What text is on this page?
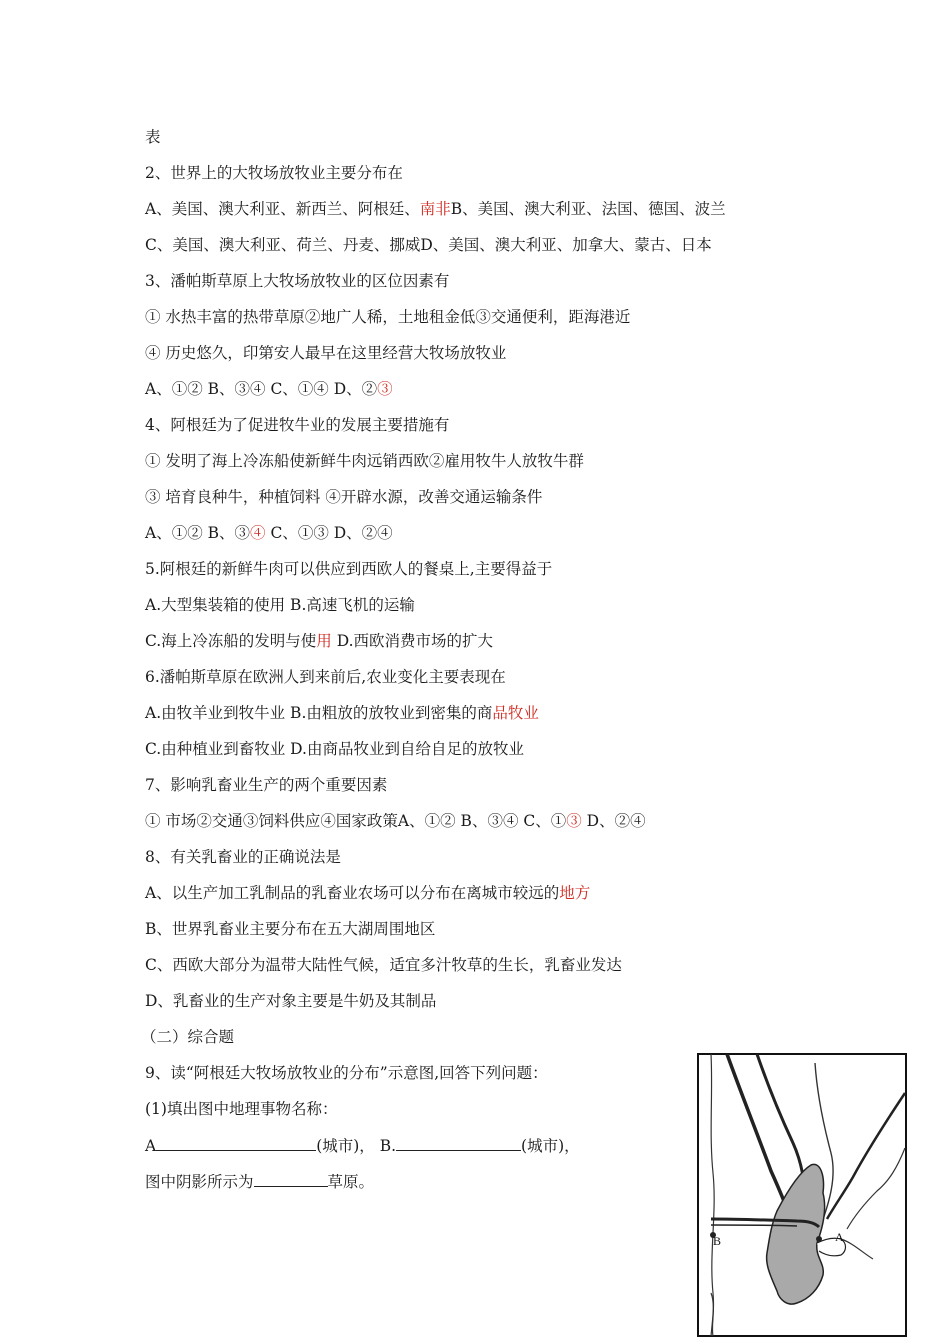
表
2、世界上的大牧场放牧业主要分布在
A、美国、澳大利亚、新西兰、阿根廷、南非B、美国、澳大利亚、法国、德国、波兰
C、美国、澳大利亚、荷兰、丹麦、挪威D、美国、澳大利亚、加拿大、蒙古、日本
3、潘帕斯草原上大牧场放牧业的区位因素有
① 水热丰富的热带草原②地广人稀，土地租金低③交通便利，距海港近
④ 历史悠久，印第安人最早在这里经营大牧场放牧业
A、①② B、③④ C、①④ D、②③
4、阿根廷为了促进牧牛业的发展主要措施有
① 发明了海上冷冻船使新鲜牛肉远销西欧②雇用牧牛人放牧牛群
③ 培育良种牛，种植饲料 ④开辟水源，改善交通运输条件
A、①② B、③④ C、①③ D、②④
5.阿根廷的新鲜牛肉可以供应到西欧人的餐桌上,主要得益于
A.大型集装箱的使用 B.高速飞机的运输
C.海上冷冻船的发明与使用 D.西欧消费市场的扩大
6.潘帕斯草原在欧洲人到来前后,农业变化主要表现在
A.由牧羊业到牧牛业 B.由粗放的放牧业到密集的商品牧业
C.由种植业到畜牧业 D.由商品牧业到自给自足的放牧业
7、影响乳畜业生产的两个重要因素
① 市场②交通③饲料供应④国家政策A、①② B、③④ C、①③ D、②④
8、有关乳畜业的正确说法是
A、以生产加工乳制品的乳畜业农场可以分布在离城市较远的地方
B、世界乳畜业主要分布在五大湖周围地区
C、西欧大部分为温带大陆性气候，适宜多汁牧草的生长，乳畜业发达
D、乳畜业的生产对象主要是牛奶及其制品
（二）综合题
9、读“阿根廷大牧场放牧业的分布”示意图,回答下列问题：
(1)填出图中地理事物名称：
A	(城市)， B.	(城市)，
图中阴影所示为	草原。
A
B
